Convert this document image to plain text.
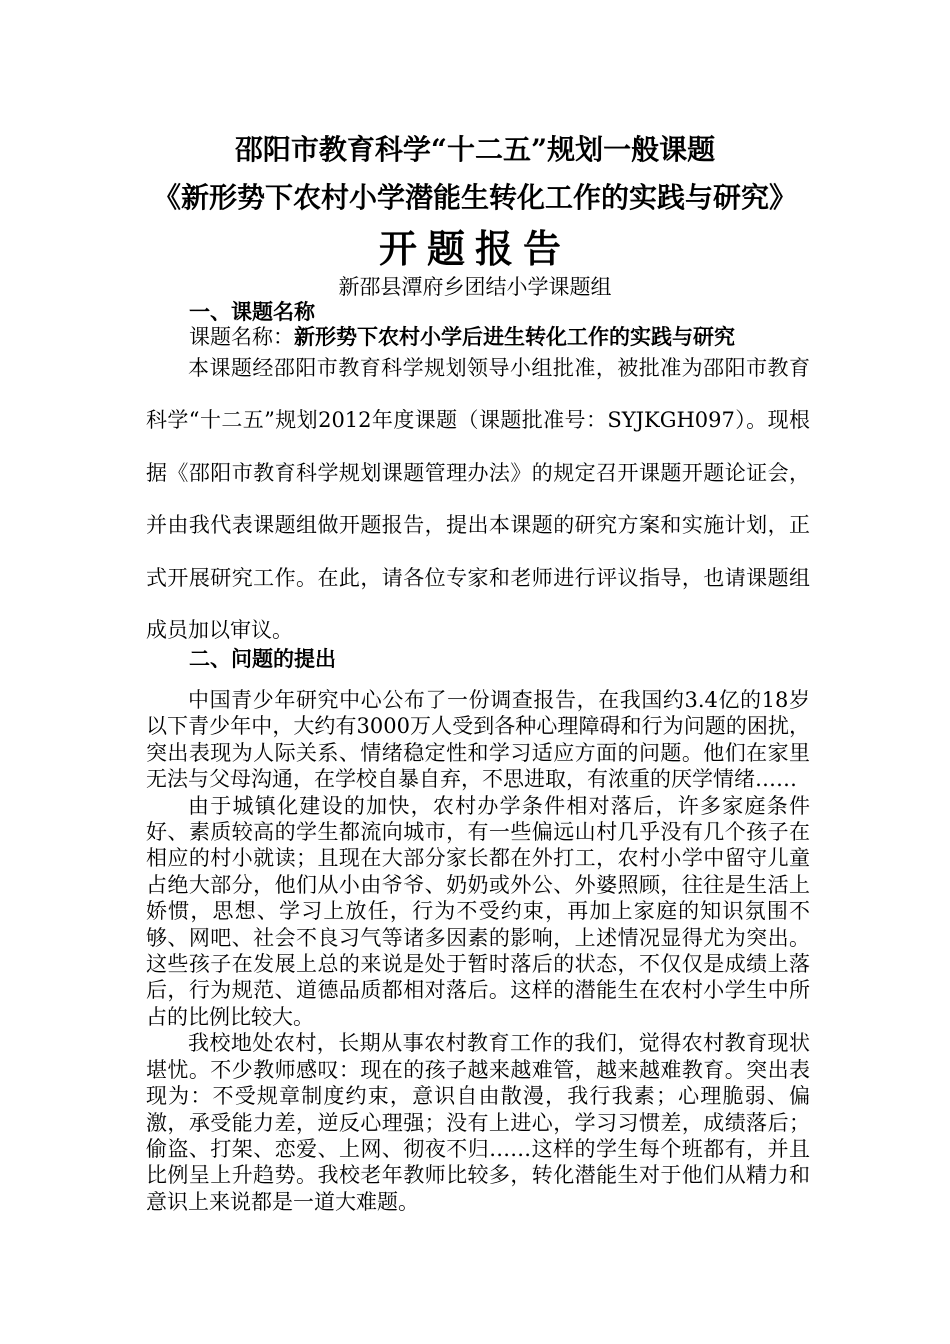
邵阳市教育科学“十二五”规划一般课题
《新形势下农村小学潜能生转化工作的实践与研究》
开题报告
新邵县潭府乡团结小学课题组
一、课题名称
课题名称：新形势下农村小学后进生转化工作的实践与研究

本课题经邵阳市教育科学规划领导小组批准，被批准为邵阳市教育科学“十二五”规划2012年度课题（课题批准号：SYJKGH097）。现根据《邵阳市教育科学规划课题管理办法》的规定召开课题开题论证会，并由我代表课题组做开题报告，提出本课题的研究方案和实施计划，正式开展研究工作。在此，请各位专家和老师进行评议指导，也请课题组成员加以审议。

二、问题的提出

中国青少年研究中心公布了一份调查报告，在我国约3.4亿的18岁以下青少年中，大约有3000万人受到各种心理障碍和行为问题的困扰，突出表现为人际关系、情绪稳定性和学习适应方面的问题。他们在家里无法与父母沟通，在学校自暴自弃，不思进取，有浓重的厌学情绪……

由于城镇化建设的加快，农村办学条件相对落后，许多家庭条件好、素质较高的学生都流向城市，有一些偏远山村几乎没有几个孩子在相应的村小就读；且现在大部分家长都在外打工，农村小学中留守儿童占绝大部分，他们从小由爷爷、奶奶或外公、外婆照顾，往往是生活上娇惯，思想、学习上放任，行为不受约束，再加上家庭的知识氛围不够、网吧、社会不良习气等诸多因素的影响，上述情况显得尤为突出。这些孩子在发展上总的来说是处于暂时落后的状态，不仅仅是成绩上落后，行为规范、道德品质都相对落后。这样的潜能生在农村小学生中所占的比例比较大。

我校地处农村，长期从事农村教育工作的我们，觉得农村教育现状堪忧。不少教师感叹：现在的孩子越来越难管，越来越难教育。突出表现为：不受规章制度约束，意识自由散漫，我行我素；心理脆弱、偏激，承受能力差，逆反心理强；没有上进心，学习习惯差，成绩落后；偷盗、打架、恋爱、上网、彻夜不归……这样的学生每个班都有，并且比例呈上升趋势。我校老年教师比较多，转化潜能生对于他们从精力和意识上来说都是一道大难题。
